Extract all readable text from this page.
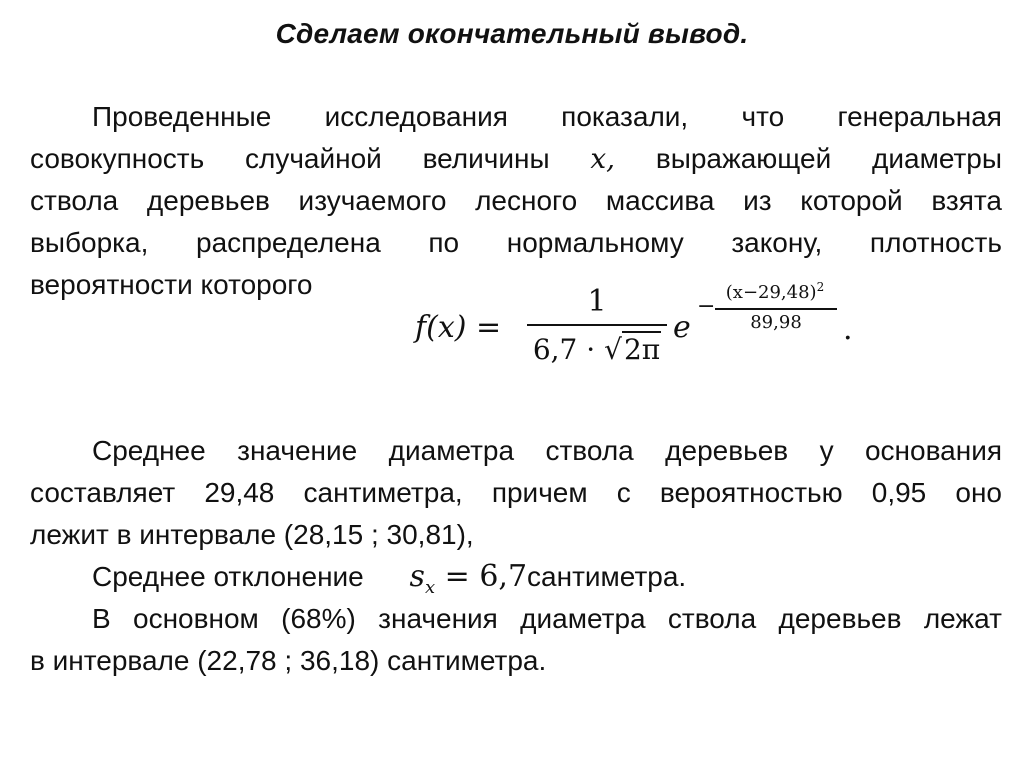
Сделаем окончательный вывод.
Проведенные исследования показали, что генеральная
совокупность случайной величины x, выражающей диаметры
ствола деревьев изучаемого лесного массива из которой взята
выборка, распределена по нормальному закону, плотность
вероятности которого
f(x) =
1
6,7 · √2π
e
−
$(x-29,48)^2$
89,98	.
Среднее значение диаметра ствола деревьев у основания
составляет 29,48 сантиметра, причем с вероятностью 0,95 оно
лежит в интервале (28,15 ; 30,81),
Среднее отклонение $s_x$ = 6,7сантиметра.
В основном (68%) значения диаметра ствола деревьев лежат
в интервале (22,78 ; 36,18) сантиметра.
